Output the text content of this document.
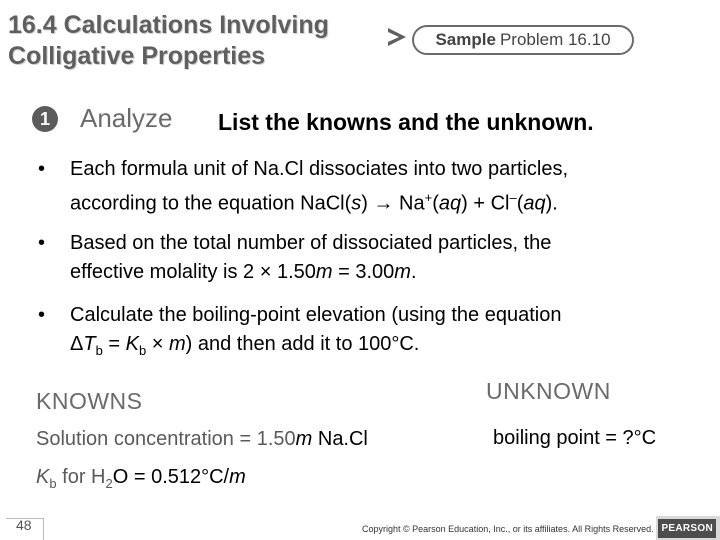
16.4 Calculations Involving
Colligative Properties
Sample Problem 16.10
1	Analyze List the knowns and the unknown.
• Each formula unit of Na.Cl dissociates into two particles,
according to the equation NaCl(s) → Na+(aq) + Cl–(aq).
• Based on the total number of dissociated particles, the
effective molality is 2 × 1.50m = 3.00m.
• Calculate the boiling-point elevation (using the equation
$\Delta T_b = K_b \times m$) and then add it to 100°C.
KNOWNS	UNKNOWN
Solution concentration = 1.50m Na.Cl
$K_b$ for $H_2O = 0.512^\circ C/m$
boiling point = ?°C
48	Copyright © Pearson Education, Inc., or its affiliates. All Rights Reserved. PEARSON
